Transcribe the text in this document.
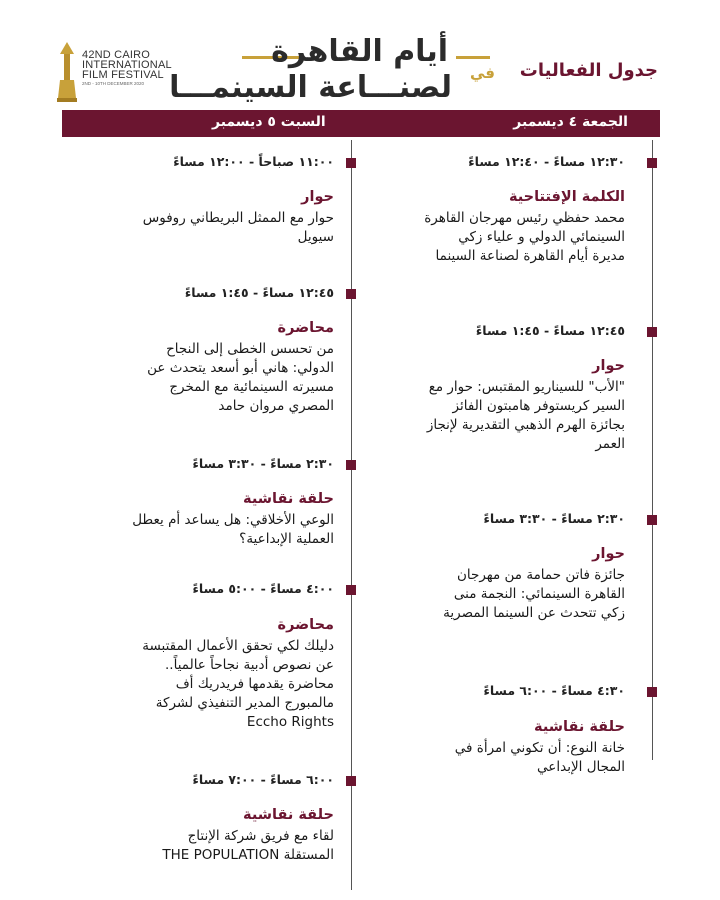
42ND CAIRO
INTERNATIONAL
FILM FESTIVAL
2ND - 10TH DECEMBER 2020
أيام القاهرة
لصنـــاعة السينمـــا في جدول الفعاليات
السبت ٥ ديسمبر	الجمعة ٤ ديسمبر
١١:٠٠ صباحاً - ١٢:٠٠ مساءً
حوار
حوار مع الممثل البريطاني روفوس
سيويل
١٢:٤٥ مساءً - ١:٤٥ مساءً
محاضرة
من تحسس الخطى إلى النجاح
الدولي: هاني أبو أسعد يتحدث عن
مسيرته السينمائية مع المخرج
المصري مروان حامد
٢:٣٠ مساءً - ٣:٣٠ مساءً
حلقة نقاشية
الوعي الأخلاقي: هل يساعد أم يعطل
العملية الإبداعية؟
٤:٠٠ مساءً - ٥:٠٠ مساءً
محاضرة
دليلك لكي تحقق الأعمال المقتبسة
عن نصوص أدبية نجاحاً عالمياً..
محاضرة يقدمها فريدريك أف
مالمبورج المدير التنفيذي لشركة
Eccho Rights
٦:٠٠ مساءً - ٧:٠٠ مساءً
حلقة نقاشية
لقاء مع فريق شركة الإنتاج
المستقلة THE POPULATION
١٢:٣٠ مساءً - ١٢:٤٠ مساءً
الكلمة الإفتتاحية
محمد حفظي رئيس مهرجان القاهرة
السينمائي الدولي و علياء زكي
مديرة أيام القاهرة لصناعة السينما
١٢:٤٥ مساءً - ١:٤٥ مساءً
حوار
"الأب" للسيناريو المقتبس: حوار مع
السير كريستوفر هامبتون الفائز
بجائزة الهرم الذهبي التقديرية لإنجاز
العمر
٢:٣٠ مساءً - ٣:٣٠ مساءً
حوار
جائزة فاتن حمامة من مهرجان
القاهرة السينمائي: النجمة منى
زكي تتحدث عن السينما المصرية
٤:٣٠ مساءً - ٦:٠٠ مساءً
حلقة نقاشية
خانة النوع: أن تكوني امرأة في
المجال الإبداعي
